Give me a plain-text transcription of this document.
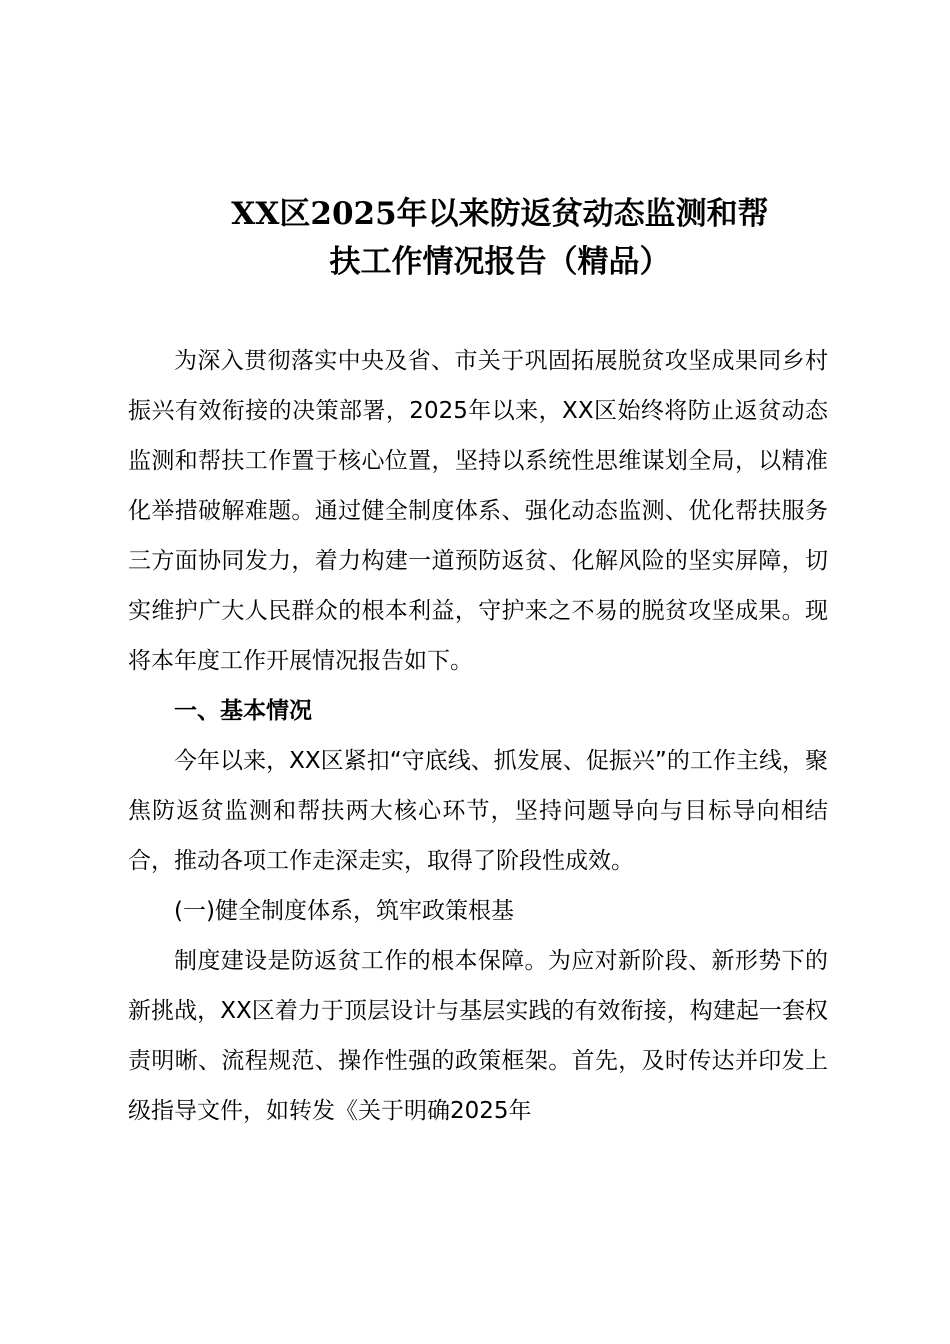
XX区2025年以来防返贫动态监测和帮
扶工作情况报告（精品）

为深入贯彻落实中央及省、市关于巩固拓展脱贫攻坚成果同乡村振兴有效衔接的决策部署，2025年以来，XX区始终将防止返贫动态监测和帮扶工作置于核心位置，坚持以系统性思维谋划全局，以精准化举措破解难题。通过健全制度体系、强化动态监测、优化帮扶服务三方面协同发力，着力构建一道预防返贫、化解风险的坚实屏障，切实维护广大人民群众的根本利益，守护来之不易的脱贫攻坚成果。现将本年度工作开展情况报告如下。

一、基本情况

今年以来，XX区紧扣“守底线、抓发展、促振兴”的工作主线，聚焦防返贫监测和帮扶两大核心环节，坚持问题导向与目标导向相结合，推动各项工作走深走实，取得了阶段性成效。

(一)健全制度体系，筑牢政策根基

制度建设是防返贫工作的根本保障。为应对新阶段、新形势下的新挑战，XX区着力于顶层设计与基层实践的有效衔接，构建起一套权责明晰、流程规范、操作性强的政策框架。首先，及时传达并印发上级指导文件，如转发《关于明确2025年
